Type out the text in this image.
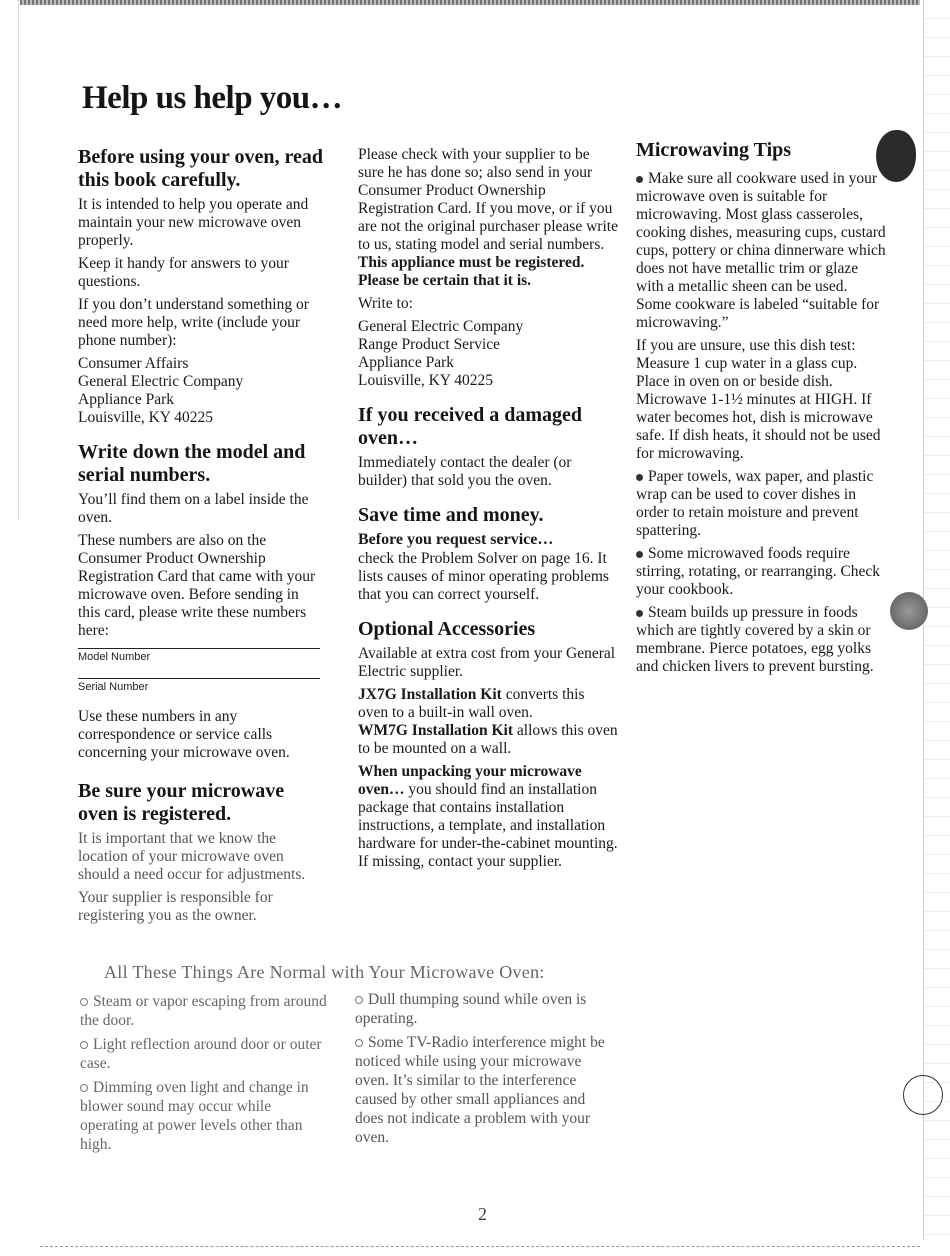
Help us help you…
Before using your oven, read this book carefully.

It is intended to help you operate and maintain your new microwave oven properly.

Keep it handy for answers to your questions.

If you don’t understand something or need more help, write (include your phone number):

Consumer Affairs
General Electric Company
Appliance Park
Louisville, KY 40225
Write down the model and serial numbers.

You’ll find them on a label inside the oven.

These numbers are also on the Consumer Product Ownership Registration Card that came with your microwave oven. Before sending in this card, please write these numbers here:

Model Number
Serial Number

Use these numbers in any correspondence or service calls concerning your microwave oven.

Be sure your microwave oven is registered.

It is important that we know the location of your microwave oven should a need occur for adjustments.

Your supplier is responsible for registering you as the owner.

Please check with your supplier to be sure he has done so; also send in your Consumer Product Ownership Registration Card. If you move, or if you are not the original purchaser please write to us, stating model and serial numbers. This appliance must be registered. Please be certain that it is.

Write to:

General Electric Company
Range Product Service
Appliance Park
Louisville, KY 40225
If you received a damaged oven…

Immediately contact the dealer (or builder) that sold you the oven.

Save time and money.
Before you request service…

check the Problem Solver on page 16. It lists causes of minor operating problems that you can correct yourself.

Optional Accessories

Available at extra cost from your General Electric supplier.

JX7G Installation Kit converts this oven to a built-in wall oven.

WM7G Installation Kit allows this oven to be mounted on a wall.

When unpacking your microwave oven… you should find an installation package that contains installation instructions, a template, and installation hardware for under-the-cabinet mounting. If missing, contact your supplier.

Microwaving Tips

Make sure all cookware used in your microwave oven is suitable for microwaving. Most glass casseroles, cooking dishes, measuring cups, custard cups, pottery or china dinnerware which does not have metallic trim or glaze with a metallic sheen can be used. Some cookware is labeled “suitable for microwaving.”

If you are unsure, use this dish test: Measure 1 cup water in a glass cup. Place in oven on or beside dish. Microwave 1-1½ minutes at HIGH. If water becomes hot, dish is microwave safe. If dish heats, it should not be used for microwaving.

Paper towels, wax paper, and plastic wrap can be used to cover dishes in order to retain moisture and prevent spattering.

Some microwaved foods require stirring, rotating, or rearranging. Check your cookbook.

Steam builds up pressure in foods which are tightly covered by a skin or membrane. Pierce potatoes, egg yolks and chicken livers to prevent bursting.

All These Things Are Normal with Your Microwave Oven:

Steam or vapor escaping from around the door.

Light reflection around door or outer case.

Dimming oven light and change in blower sound may occur while operating at power levels other than high.

Dull thumping sound while oven is operating.

Some TV-Radio interference might be noticed while using your microwave oven. It’s similar to the interference caused by other small appliances and does not indicate a problem with your oven.

2
